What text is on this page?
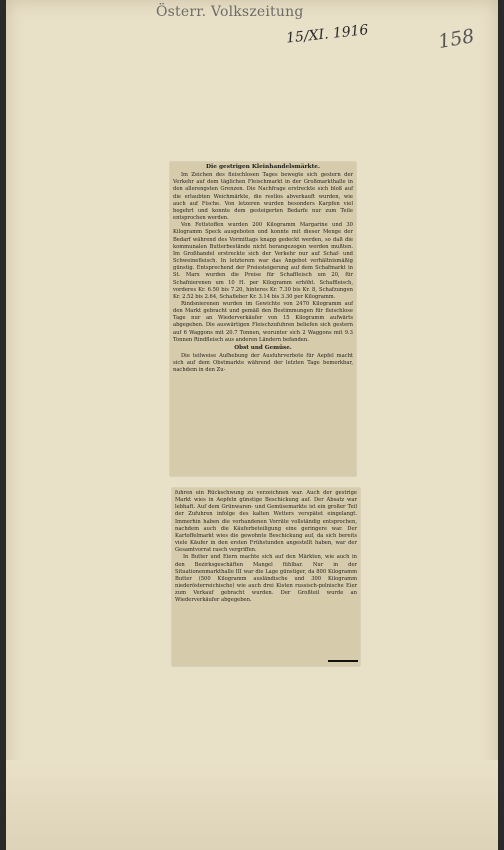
Österr. Volkszeitung
15/XI. 1916	158
Die gestrigen Kleinhandelsmärkte.

Im Zeichen des fleischlosen Tages bewegte sich gestern der Verkehr auf dem täglichen Fleischmarkt in der Großmarkthalle in den allerengsten Grenzen. Die Nachfrage erstreckte sich bloß auf die erlaubten Weichmärkte, die restlos abverkauft wurden, wie auch auf Fische. Von letzeren wurden besonders Karpfen viel begehrt und konnte dem gesteigerten Bedarfe nur zum Teile entsprochen werden.

Von Fettstoffen wurden 200 Kilogramm Margarine und 30 Kilogramm Speck ausgeboten und konnte mit dieser Menge der Bedarf während des Vormittags knapp gedeckt werden, so daß die kommunalen Butterbestände nicht herangezogen werden mußten. Im Großhandel erstreckte sich der Verkehr nur auf Schaf- und Schweinefleisch. In letzterem war das Angebot verhältnismäßig günstig. Entsprechend der Preissteigerung auf dem Schafmarkt in St. Marx wurden die Preise für Schaffleisch um 20, für Schafnierenen um 10 H. per Kilogramm erhöht. Schaffleisch, vorderes Kr. 6.50 bis 7.20, hinteres Kr. 7.30 bis Kr. 8, Schafzungen Kr. 2.52 bis 2.64, Schafleber Kr. 3.14 bis 3.30 per Kilogramm.

Rindsnierenen wurden im Gewichte von 2470 Kilogramm auf den Markt gebracht und gemäß den Bestimmungen für fleischlose Tage nur an Wiederverkäufer von 15 Kilogramm aufwärts abgegeben. Die auswärtigen Fleischzufuhren beliefen sich gestern auf 6 Waggons mit 20.7 Tonnen, worunter sich 2 Waggons mit 9.3 Tonnen Rindfleisch aus anderen Ländern befanden.

Obst und Gemüse.

Die teilweise Aufhebung der Ausfuhrverbote für Aepfel macht sich auf dem Obstmarkte während der letzten Tage bemerkbar, nachdem in den Zu-

fuhren ein Rückschwung zu verzeichnen war. Auch der gestrige Markt wies in Aepfeln günstige Beschickung auf. Der Absatz war lebhaft. Auf dem Grünwaren- und Gemüsemarkte ist ein großer Teil der Zufuhren infolge des kalten Wetters verspätet eingelangt. Immerhin haben die vorhandenen Vorräte vollständig entsprochen, nachdem auch die Käuferbeteiligung eine geringere war. Der Kartoffelmarkt wies die gewohnte Beschickung auf, da sich bereits viele Käufer in den ersten Frühstunden angestellt haben, war der Gesamtvorrat rasch vergriffen.

In Butter und Eiern machte sich auf den Märkten, wie auch in den Bezirksgeschäften Mangel fühlbar. Nur in der Situationenmarkthalle III war die Lage günstiger, da 800 Kilogramm Butter (500 Kilogramm ausländische und 300 Kilogramm niederösterreichische) wie auch drei Kisten russisch-polnische Eier zum Verkauf gebracht wurden. Der Großteil wurde an Wiederverkäufer abgegeben.
